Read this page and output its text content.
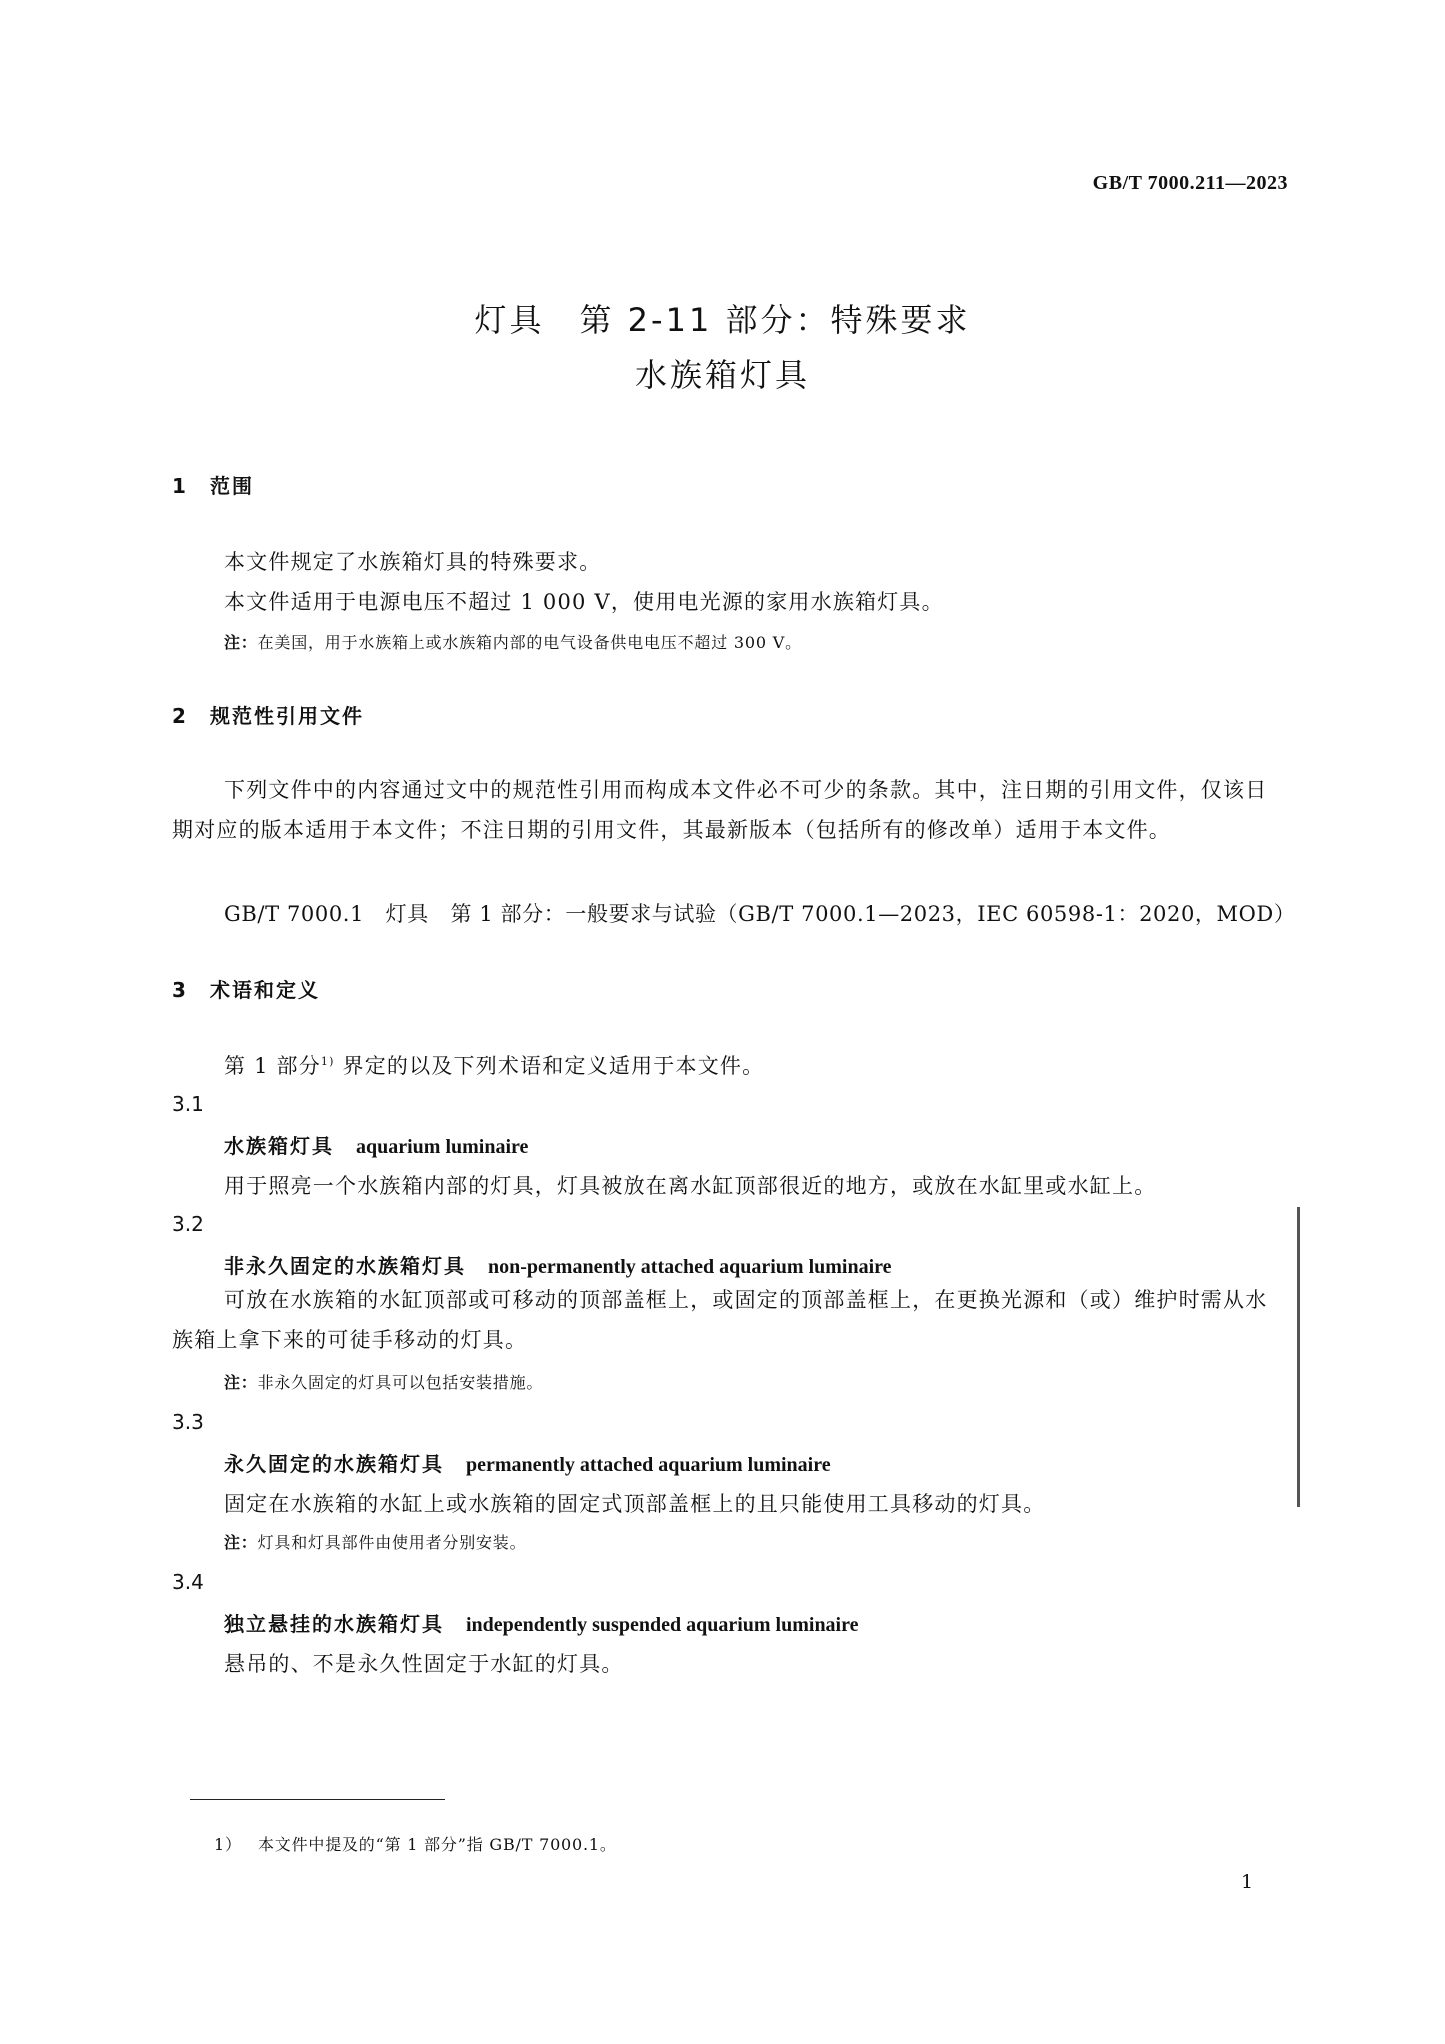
GB/T 7000.211—2023
灯具　第 2-11 部分：特殊要求
水族箱灯具
1 范围
本文件规定了水族箱灯具的特殊要求。
本文件适用于电源电压不超过 1 000 V，使用电光源的家用水族箱灯具。
注：在美国，用于水族箱上或水族箱内部的电气设备供电电压不超过 300 V。
2 规范性引用文件
下列文件中的内容通过文中的规范性引用而构成本文件必不可少的条款。其中，注日期的引用文件，仅该日期对应的版本适用于本文件；不注日期的引用文件，其最新版本（包括所有的修改单）适用于本文件。
GB/T 7000.1　灯具　第 1 部分：一般要求与试验（GB/T 7000.1—2023，IEC 60598-1：2020，MOD）
3 术语和定义
第 1 部分$^{1)}$ 界定的以及下列术语和定义适用于本文件。
3.1
水族箱灯具 aquarium luminaire
用于照亮一个水族箱内部的灯具，灯具被放在离水缸顶部很近的地方，或放在水缸里或水缸上。
3.2
非永久固定的水族箱灯具 non-permanently attached aquarium luminaire
可放在水族箱的水缸顶部或可移动的顶部盖框上，或固定的顶部盖框上，在更换光源和（或）维护时需从水族箱上拿下来的可徒手移动的灯具。
注：非永久固定的灯具可以包括安装措施。
3.3
永久固定的水族箱灯具 permanently attached aquarium luminaire
固定在水族箱的水缸上或水族箱的固定式顶部盖框上的且只能使用工具移动的灯具。
注：灯具和灯具部件由使用者分别安装。
3.4
独立悬挂的水族箱灯具 independently suspended aquarium luminaire
悬吊的、不是永久性固定于水缸的灯具。
1） 本文件中提及的“第 1 部分”指 GB/T 7000.1。
1
